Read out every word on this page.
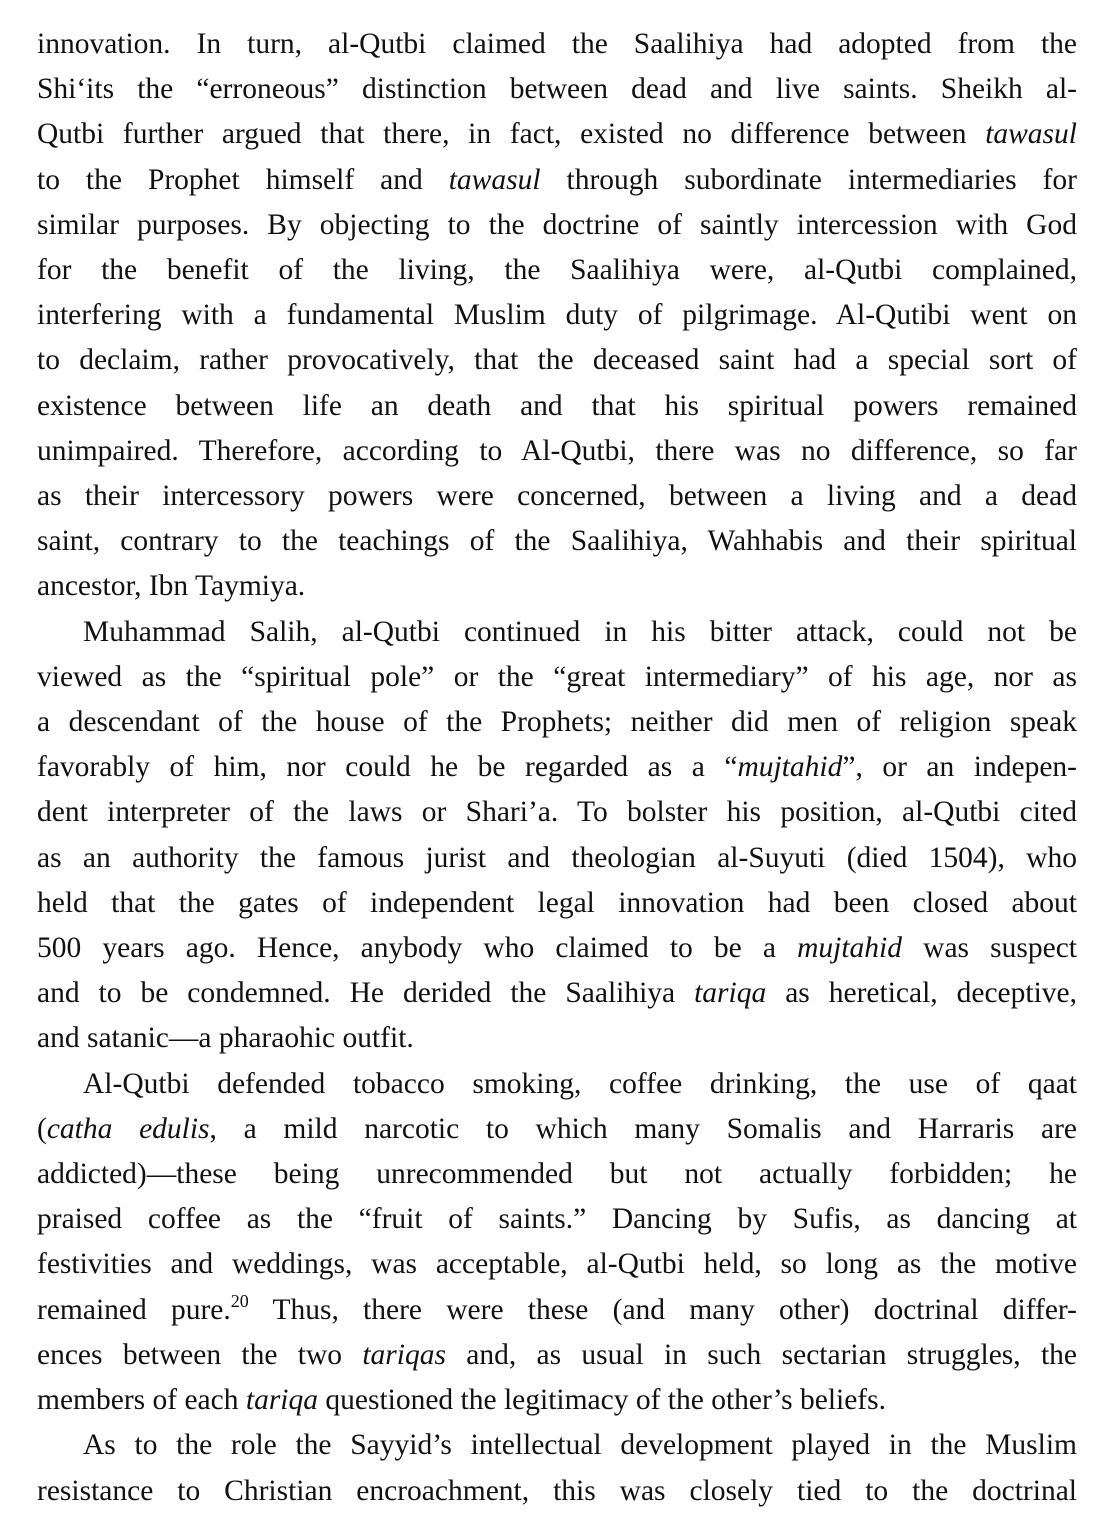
innovation. In turn, al-Qutbi claimed the Saalihiya had adopted from the
Shi‘its the “erroneous” distinction between dead and live saints. Sheikh al-
Qutbi further argued that there, in fact, existed no difference between tawasul
to the Prophet himself and tawasul through subordinate intermediaries for
similar purposes. By objecting to the doctrine of saintly intercession with God
for the benefit of the living, the Saalihiya were, al-Qutbi complained,
interfering with a fundamental Muslim duty of pilgrimage. Al-Qutibi went on
to declaim, rather provocatively, that the deceased saint had a special sort of
existence between life an death and that his spiritual powers remained
unimpaired. Therefore, according to Al-Qutbi, there was no difference, so far
as their intercessory powers were concerned, between a living and a dead
saint, contrary to the teachings of the Saalihiya, Wahhabis and their spiritual
ancestor, Ibn Taymiya.
Muhammad Salih, al-Qutbi continued in his bitter attack, could not be
viewed as the “spiritual pole” or the “great intermediary” of his age, nor as
a descendant of the house of the Prophets; neither did men of religion speak
favorably of him, nor could he be regarded as a “mujtahid”, or an indepen-
dent interpreter of the laws or Shari’a. To bolster his position, al-Qutbi cited
as an authority the famous jurist and theologian al-Suyuti (died 1504), who
held that the gates of independent legal innovation had been closed about
500 years ago. Hence, anybody who claimed to be a mujtahid was suspect
and to be condemned. He derided the Saalihiya tariqa as heretical, deceptive,
and satanic—a pharaohic outfit.
Al-Qutbi defended tobacco smoking, coffee drinking, the use of qaat
(catha edulis, a mild narcotic to which many Somalis and Harraris are
addicted)—these being unrecommended but not actually forbidden; he
praised coffee as the “fruit of saints.” Dancing by Sufis, as dancing at
festivities and weddings, was acceptable, al-Qutbi held, so long as the motive
remained pure.$^{20}$ Thus, there were these (and many other) doctrinal differ-
ences between the two tariqas and, as usual in such sectarian struggles, the
members of each tariqa questioned the legitimacy of the other’s beliefs.
As to the role the Sayyid’s intellectual development played in the Muslim
resistance to Christian encroachment, this was closely tied to the doctrinal
